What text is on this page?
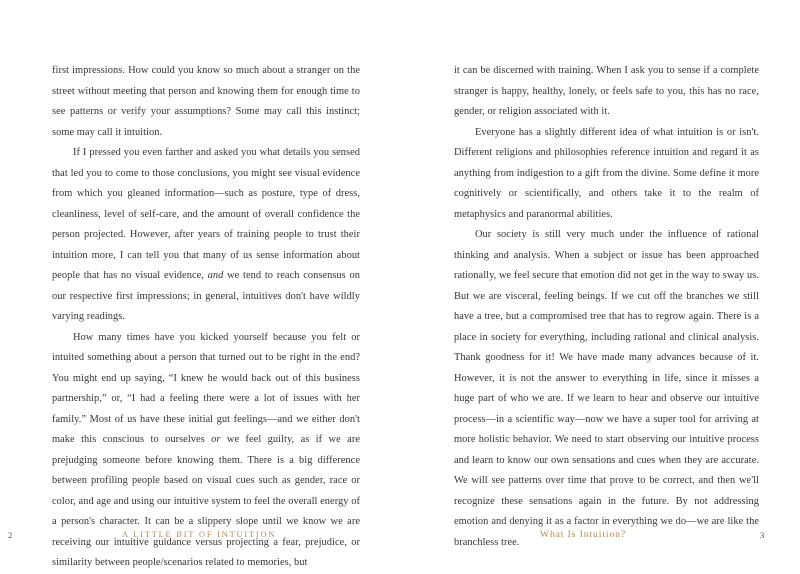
first impressions. How could you know so much about a stranger on the street without meeting that person and knowing them for enough time to see patterns or verify your assumptions? Some may call this instinct; some may call it intuition.

If I pressed you even farther and asked you what details you sensed that led you to come to those conclusions, you might see visual evidence from which you gleaned information—such as posture, type of dress, cleanliness, level of self-care, and the amount of overall confidence the person projected. However, after years of training people to trust their intuition more, I can tell you that many of us sense information about people that has no visual evidence, and we tend to reach consensus on our respective first impressions; in general, intuitives don't have wildly varying readings.

How many times have you kicked yourself because you felt or intuited something about a person that turned out to be right in the end? You might end up saying, “I knew he would back out of this business partnership,” or, “I had a feeling there were a lot of issues with her family.” Most of us have these initial gut feelings—and we either don't make this conscious to ourselves or we feel guilty, as if we are prejudging someone before knowing them. There is a big difference between profiling people based on visual cues such as gender, race or color, and age and using our intuitive system to feel the overall energy of a person's character. It can be a slippery slope until we know we are receiving our intuitive guidance versus projecting a fear, prejudice, or similarity between people/scenarios related to memories, but

2	A LITTLE BIT OF INTUITION

it can be discerned with training. When I ask you to sense if a complete stranger is happy, healthy, lonely, or feels safe to you, this has no race, gender, or religion associated with it.

Everyone has a slightly different idea of what intuition is or isn't. Different religions and philosophies reference intuition and regard it as anything from indigestion to a gift from the divine. Some define it more cognitively or scientifically, and others take it to the realm of metaphysics and paranormal abilities.

Our society is still very much under the influence of rational thinking and analysis. When a subject or issue has been approached rationally, we feel secure that emotion did not get in the way to sway us. But we are visceral, feeling beings. If we cut off the branches we still have a tree, but a compromised tree that has to regrow again. There is a place in society for everything, including rational and clinical analysis. Thank goodness for it! We have made many advances because of it. However, it is not the answer to everything in life, since it misses a huge part of who we are. If we learn to hear and observe our intuitive process—in a scientific way—now we have a super tool for arriving at more holistic behavior. We need to start observing our intuitive process and learn to know our own sensations and cues when they are accurate. We will see patterns over time that prove to be correct, and then we'll recognize these sensations again in the future. By not addressing emotion and denying it as a factor in everything we do—we are like the branchless tree.

What Is Intuition?	3
